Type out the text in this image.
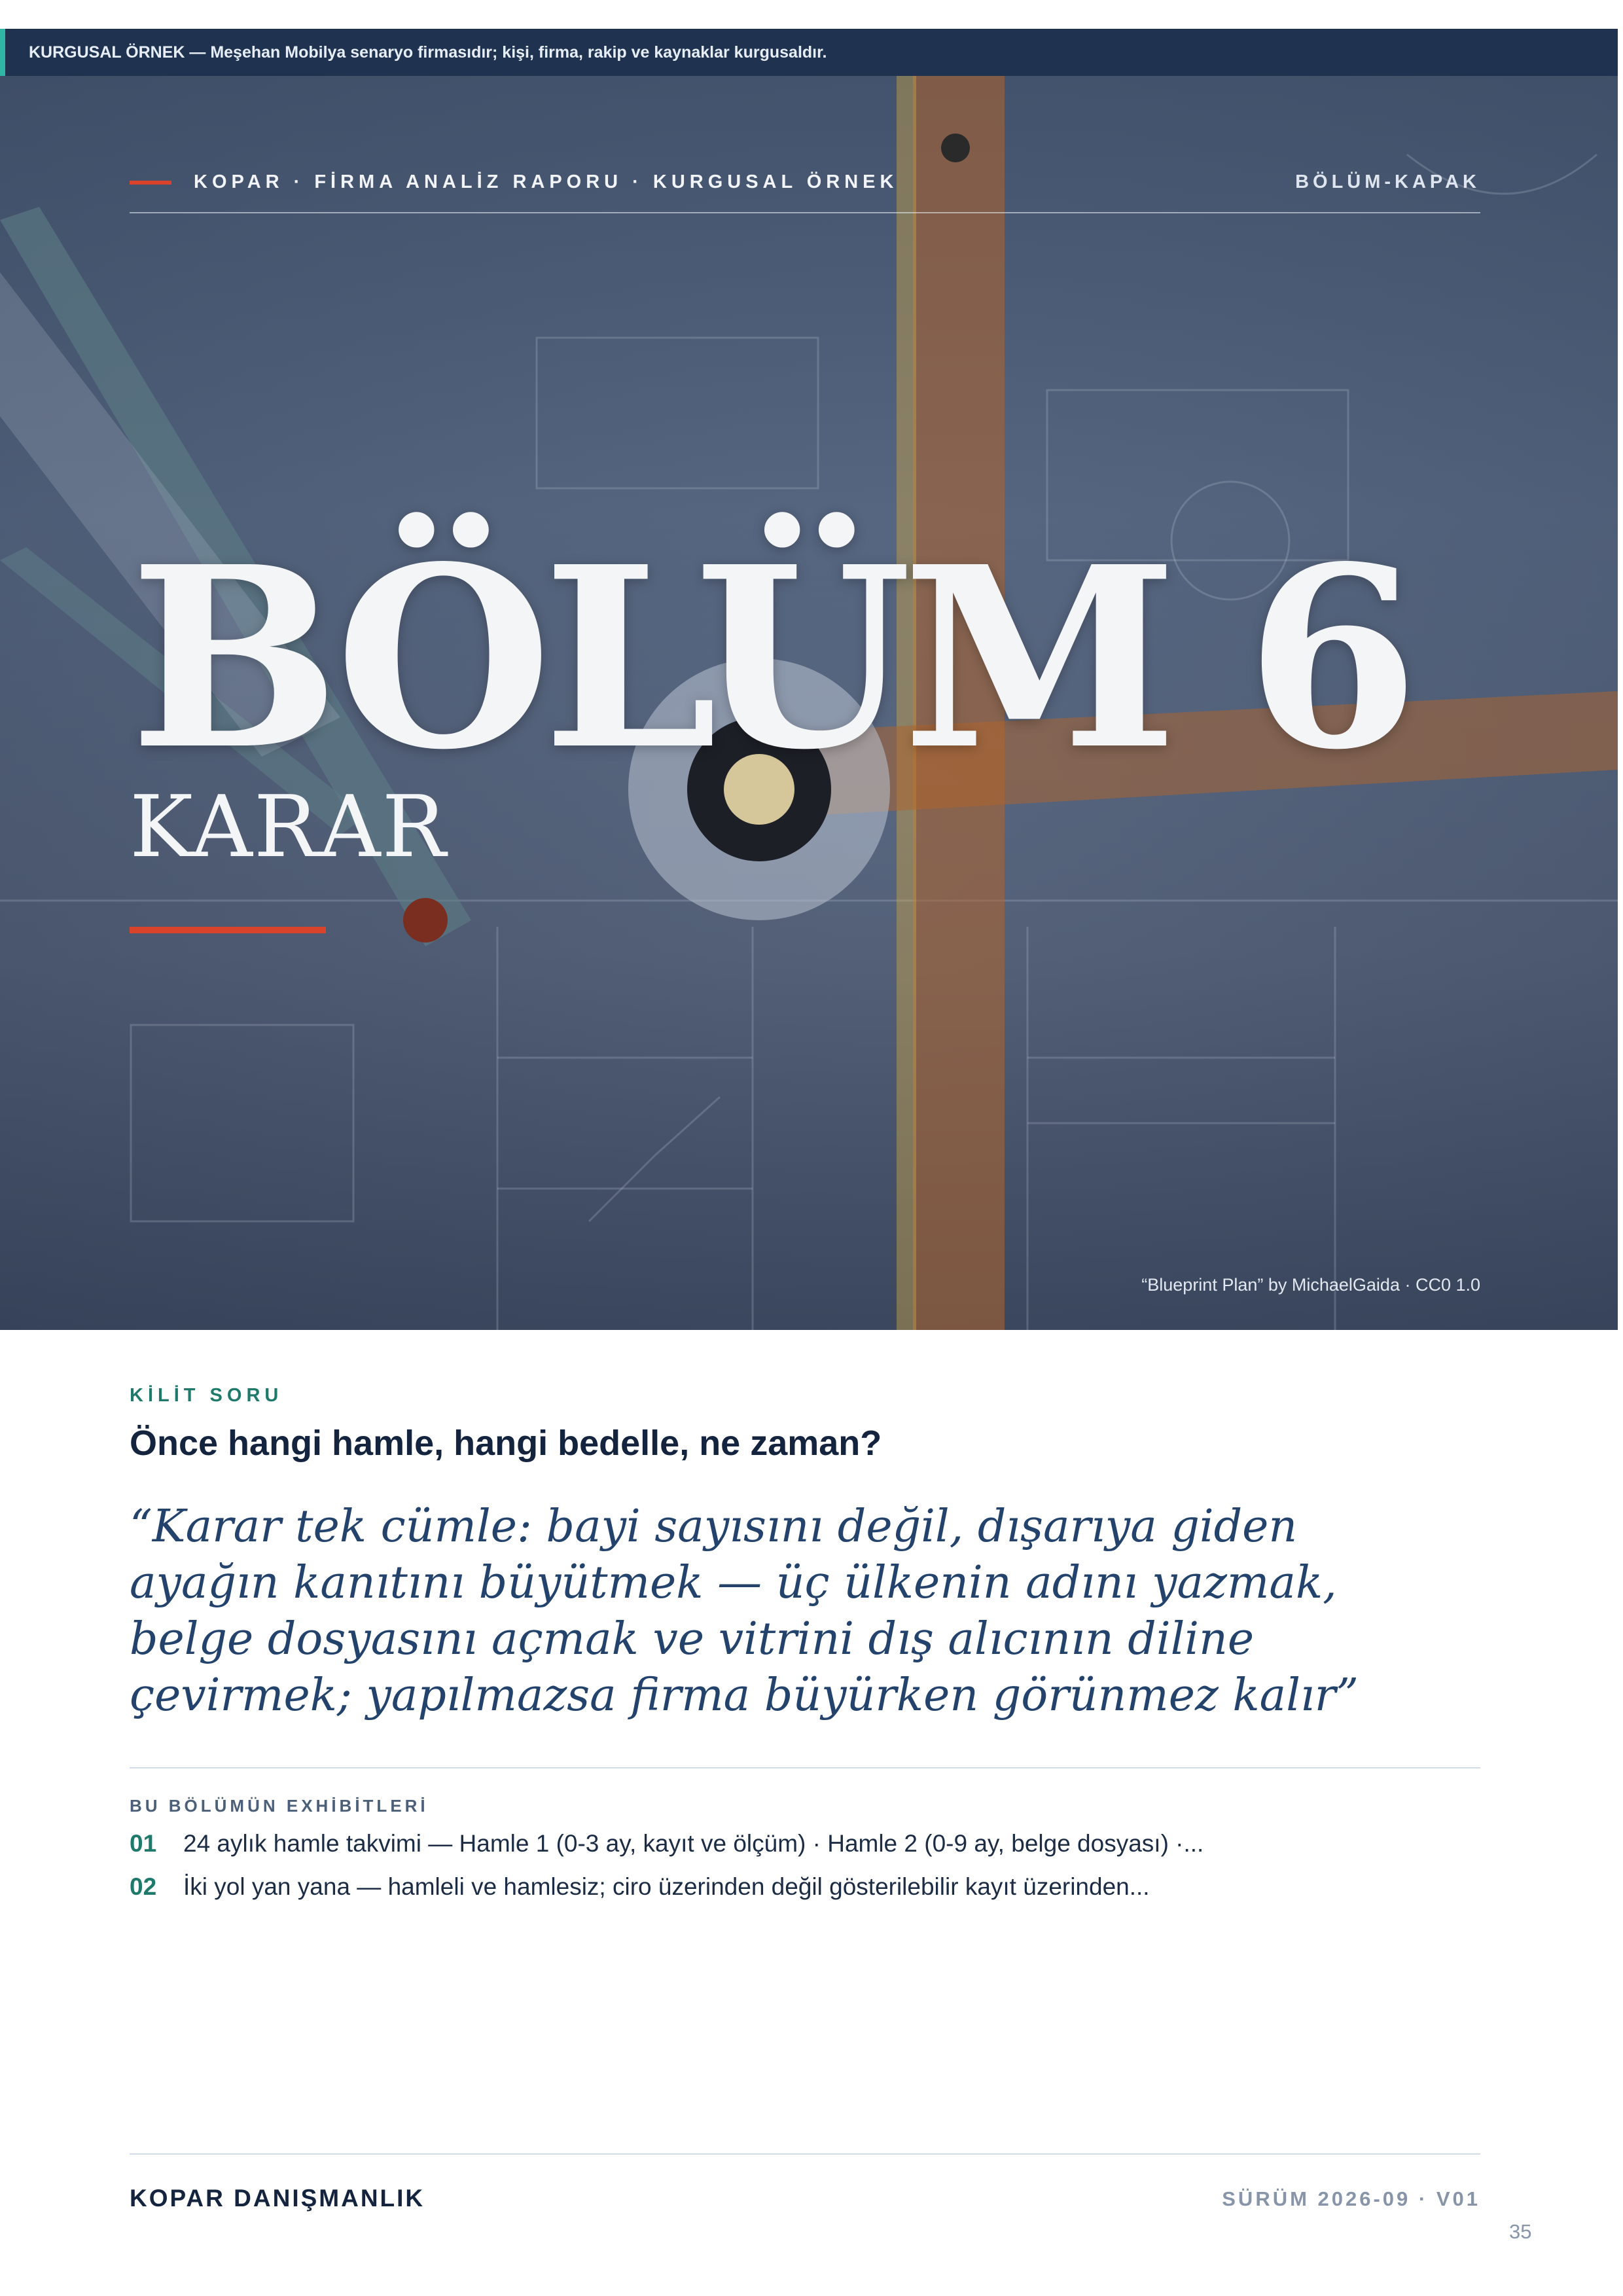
KURGUSAL ÖRNEK — Meşehan Mobilya senaryo firmasıdır; kişi, firma, rakip ve kaynaklar kurgusaldır.
KOPAR · FİRMA ANALİZ RAPORU · KURGUSAL ÖRNEK	BÖLÜM-KAPAK
BÖLÜM 6
KARAR
“Blueprint Plan” by MichaelGaida · CC0 1.0
KİLİT SORU
Önce hangi hamle, hangi bedelle, ne zaman?
“Karar tek cümle: bayi sayısını değil, dışarıya giden ayağın kanıtını büyütmek — üç ülkenin adını yazmak, belge dosyasını açmak ve vitrini dış alıcının diline çevirmek; yapılmazsa firma büyürken görünmez kalır”
BU BÖLÜMÜN EXHİBİTLERİ
01 24 aylık hamle takvimi — Hamle 1 (0-3 ay, kayıt ve ölçüm) · Hamle 2 (0-9 ay, belge dosyası) ·...
02 İki yol yan yana — hamleli ve hamlesiz; ciro üzerinden değil gösterilebilir kayıt üzerinden...
KOPAR DANIŞMANLIK	SÜRÜM 2026-09 · V01
35
